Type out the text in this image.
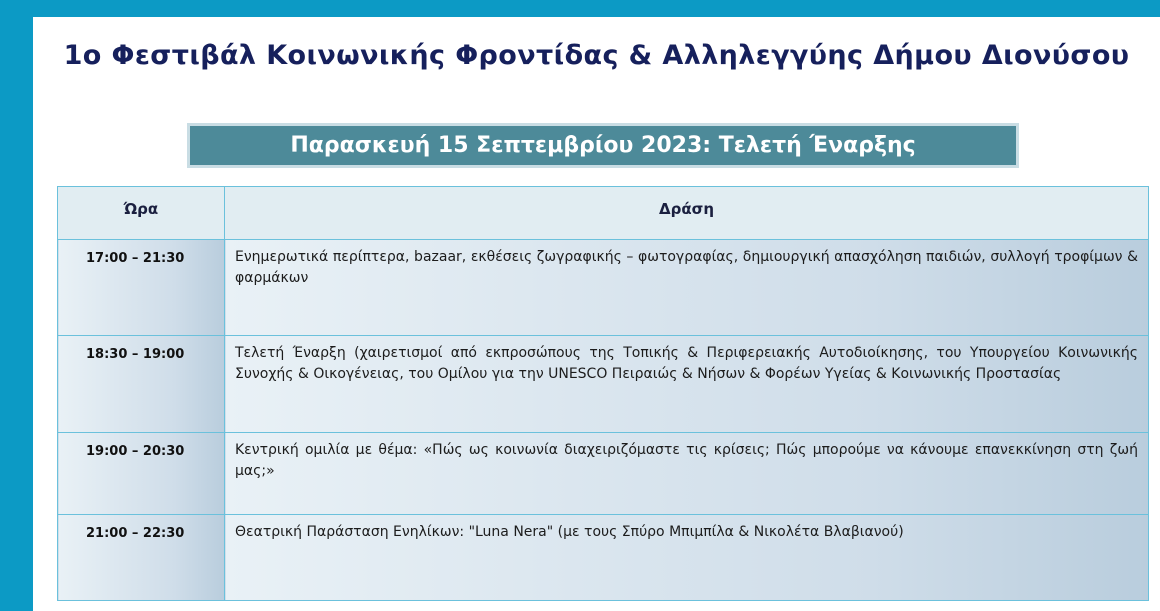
1ο Φεστιβάλ Κοινωνικής Φροντίδας & Αλληλεγγύης Δήμου Διονύσου
Παρασκευή 15 Σεπτεμβρίου 2023: Τελετή Έναρξης
Ώρα	Δράση
17:00 – 21:30	Ενημερωτικά περίπτερα, bazaar, εκθέσεις ζωγραφικής – φωτογραφίας, δημιουργική απασχόληση παιδιών, συλλογή τροφίμων & φαρμάκων
18:30 – 19:00	Τελετή Έναρξη (χαιρετισμοί από εκπροσώπους της Τοπικής & Περιφερειακής Αυτοδιοίκησης, του Υπουργείου Κοινωνικής Συνοχής & Οικογένειας, του Ομίλου για την UNESCO Πειραιώς & Νήσων & Φορέων Υγείας & Κοινωνικής Προστασίας
19:00 – 20:30	Κεντρική ομιλία με θέμα: «Πώς ως κοινωνία διαχειριζόμαστε τις κρίσεις; Πώς μπορούμε να κάνουμε επανεκκίνηση στη ζωή μας;»
21:00 – 22:30	Θεατρική Παράσταση Ενηλίκων: "Luna Nera" (με τους Σπύρο Μπιμπίλα & Νικολέτα Βλαβιανού)
